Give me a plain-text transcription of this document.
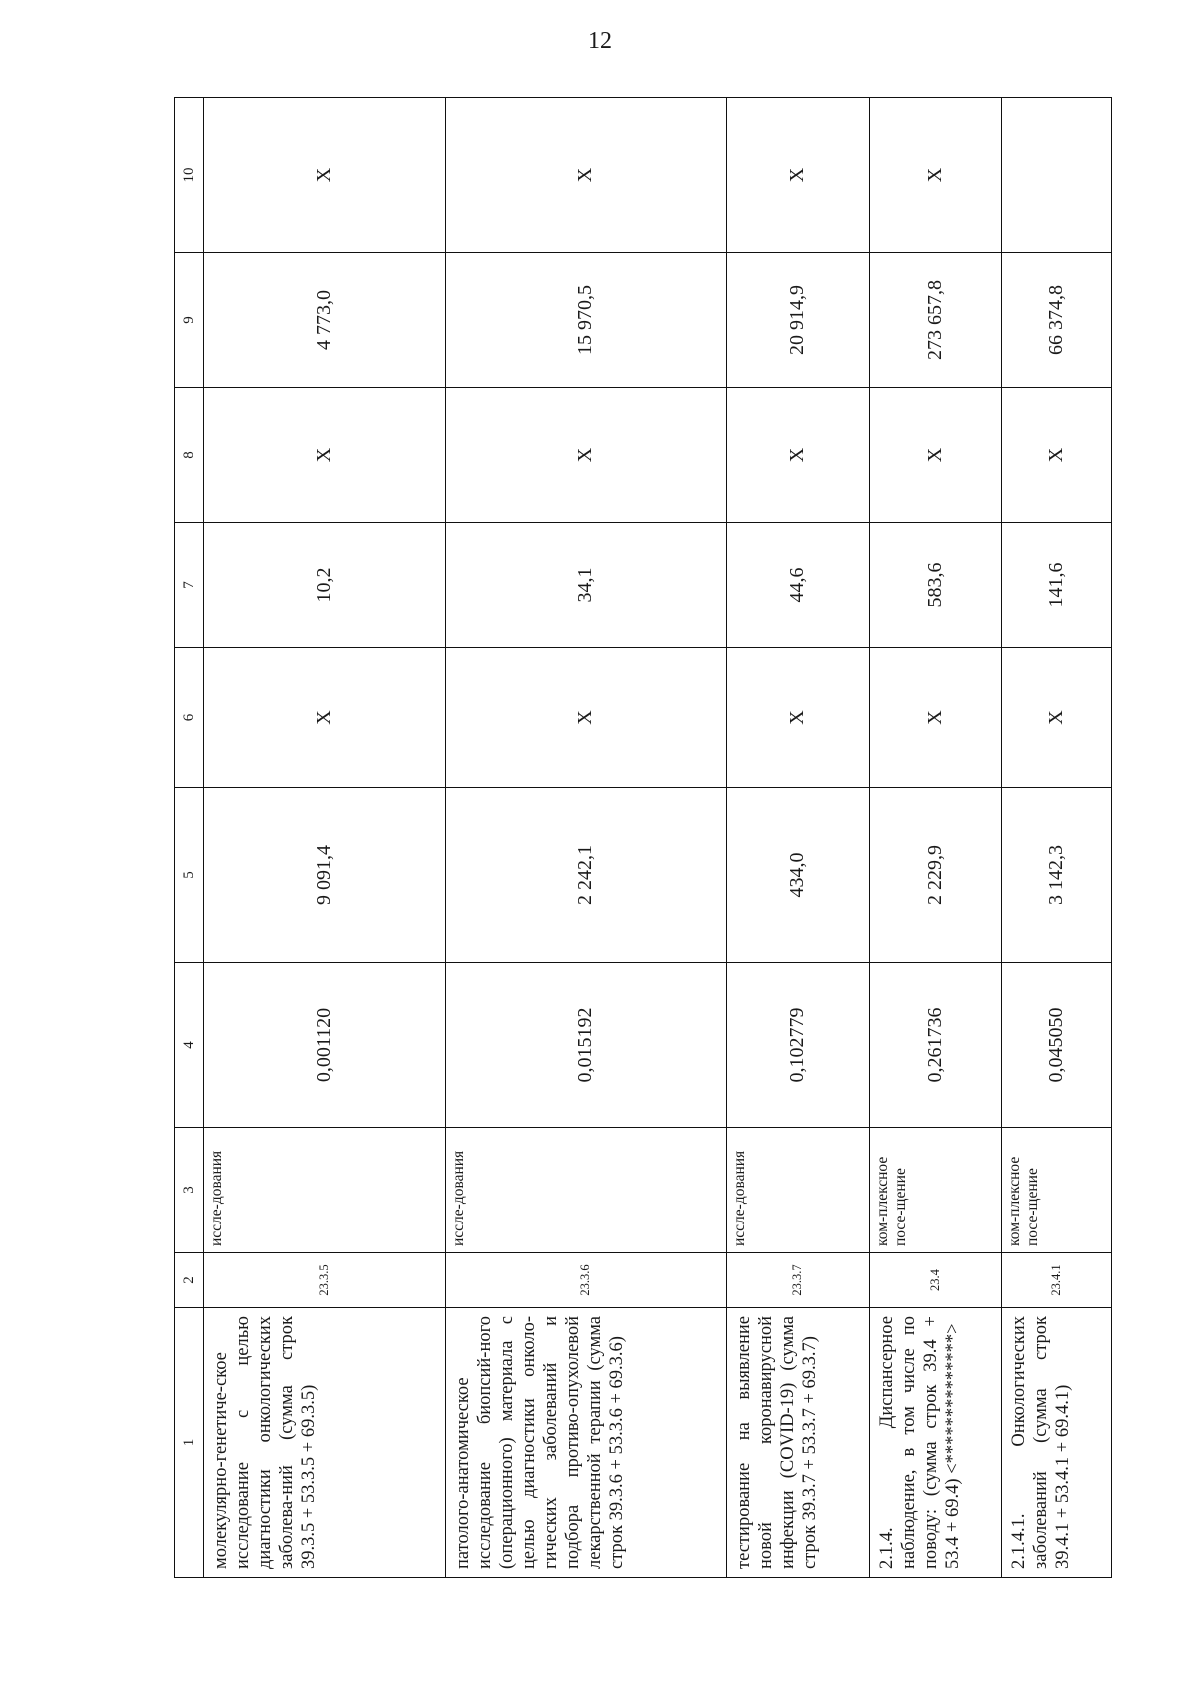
12
1	2	3	4	5	6	7	8	9	10
молекулярно-генетиче-ское исследование с целью диагностики онкологических заболева-ний (сумма строк 39.3.5 + 53.3.5 + 69.3.5)	23.3.5	иссле-дования	0,001120	9 091,4	X	10,2	X	4 773,0	X
патолого-анатомическое исследование биопсий-ного (операционного) материала с целью диагностики онколо-гических заболеваний и подбора противо-опухолевой лекарственной терапии (сумма строк 39.3.6 + 53.3.6 + 69.3.6)	23.3.6	иссле-дования	0,015192	2 242,1	X	34,1	X	15 970,5	X
тестирование на выявление новой коронавирусной инфекции (COVID-19) (сумма строк 39.3.7 + 53.3.7 + 69.3.7)	23.3.7	иссле-дования	0,102779	434,0	X	44,6	X	20 914,9	X
2.1.4. Диспансерное наблюдение, в том числе по поводу: (сумма строк 39.4 + 53.4 + 69.4) <**************>	23.4	ком-плексное посе-щение	0,261736	2 229,9	X	583,6	X	273 657,8	X
2.1.4.1. Онкологических заболеваний (сумма строк 39.4.1 + 53.4.1 + 69.4.1)	23.4.1	ком-плексное посе-щение	0,045050	3 142,3	X	141,6	X	66 374,8	
